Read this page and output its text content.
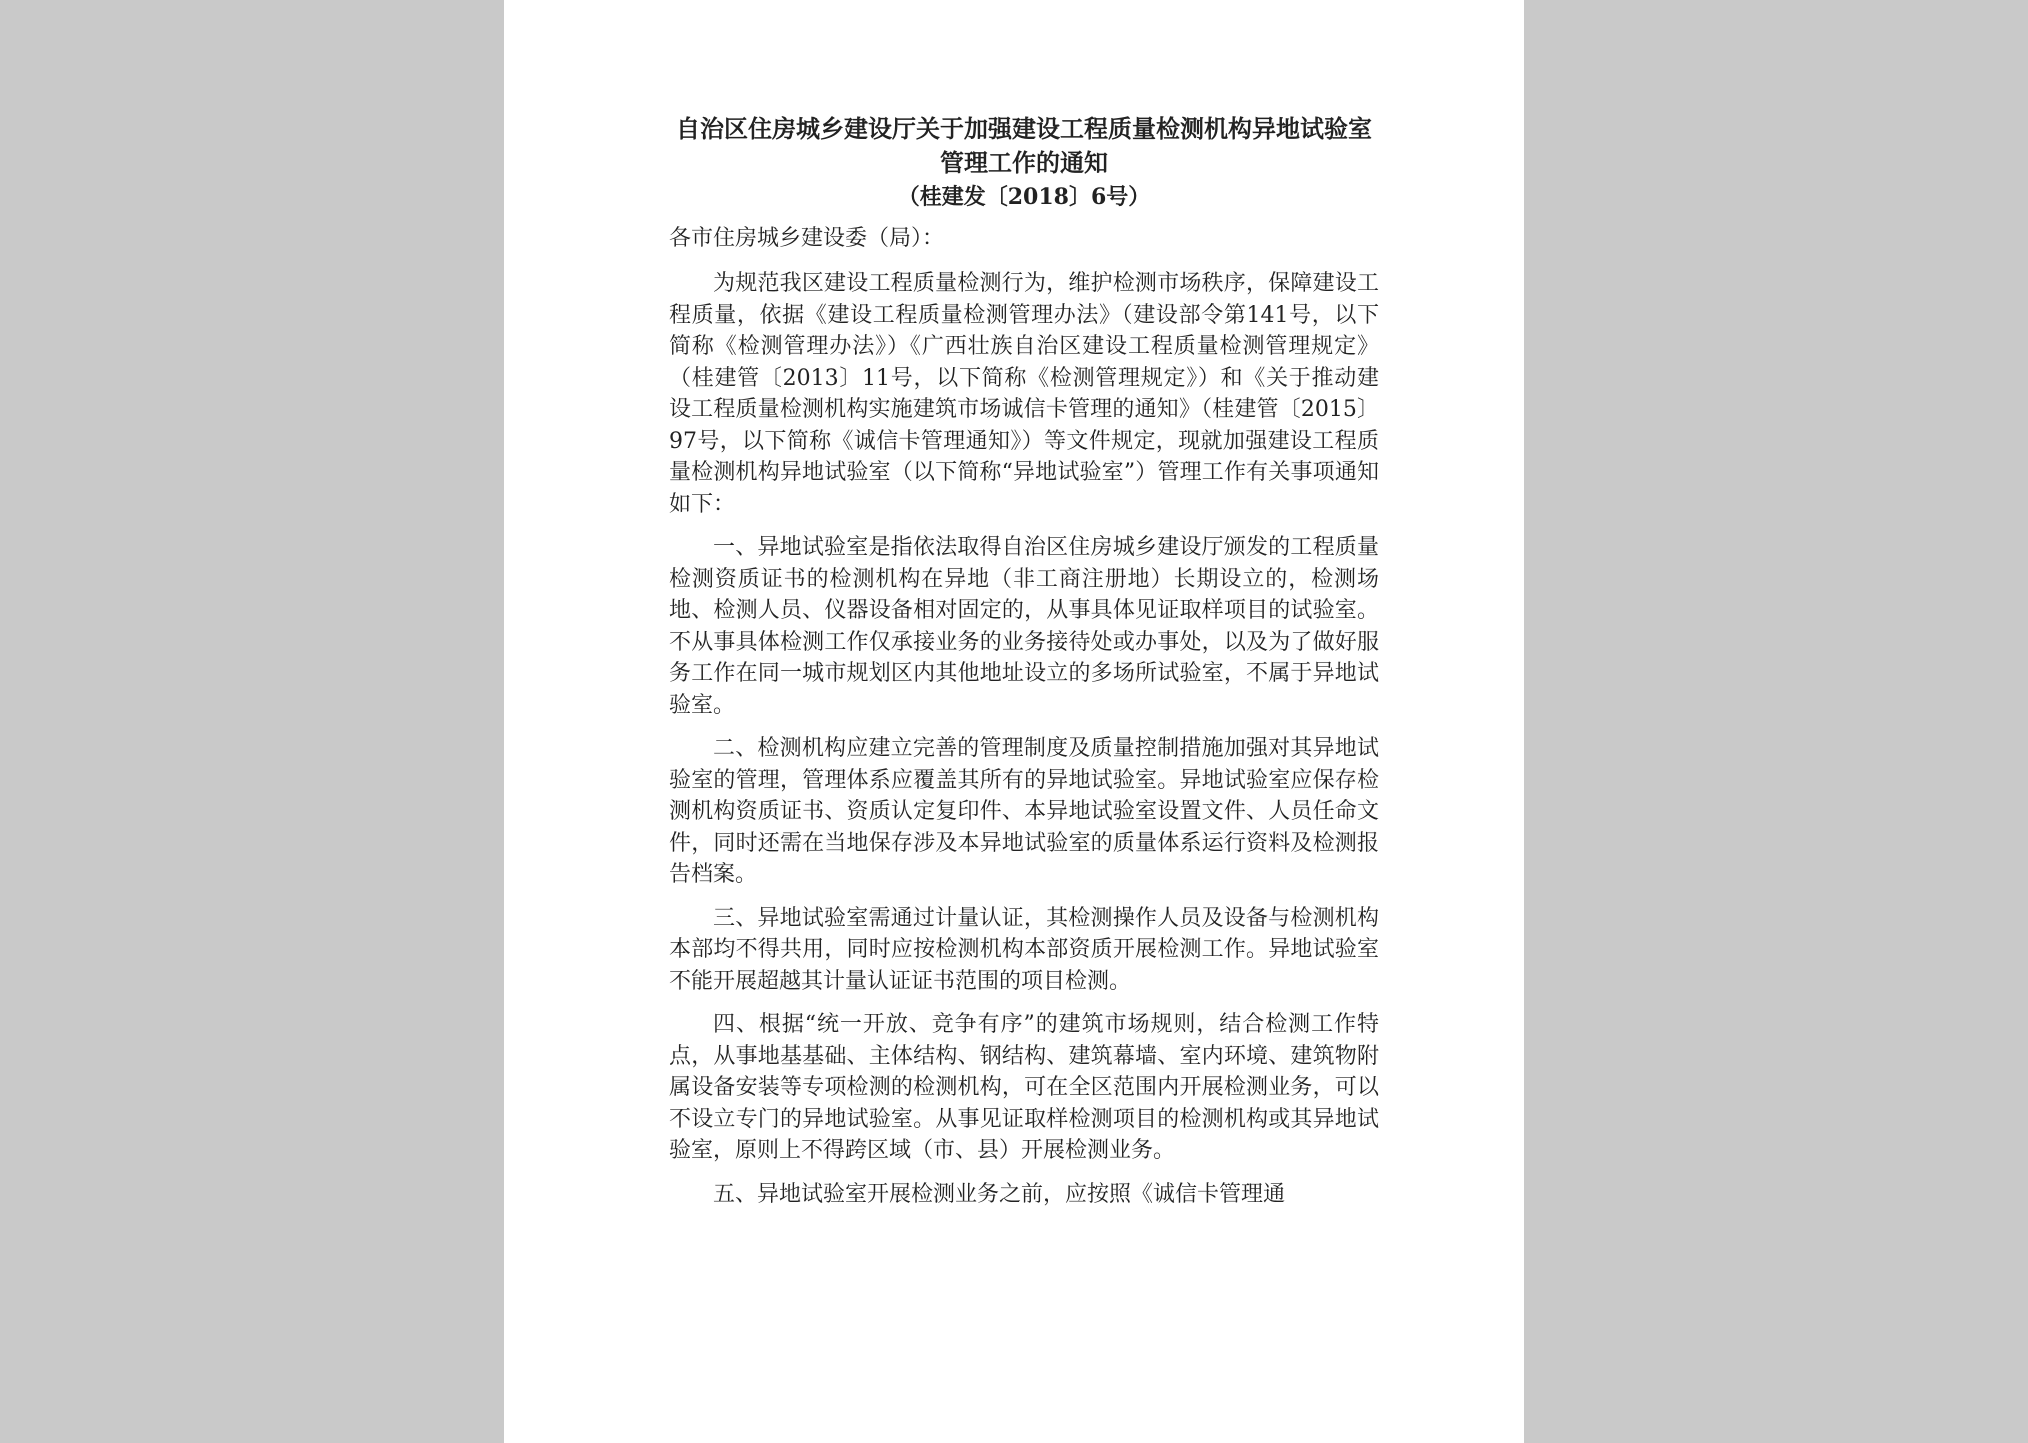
自治区住房城乡建设厅关于加强建设工程质量检测机构异地试验室
管理工作的通知
（桂建发〔2018〕6号）
各市住房城乡建设委（局）：

为规范我区建设工程质量检测行为，维护检测市场秩序，保障建设工程质量，依据《建设工程质量检测管理办法》（建设部令第141号，以下简称《检测管理办法》）《广西壮族自治区建设工程质量检测管理规定》（桂建管〔2013〕11号，以下简称《检测管理规定》）和《关于推动建设工程质量检测机构实施建筑市场诚信卡管理的通知》（桂建管〔2015〕97号，以下简称《诚信卡管理通知》）等文件规定，现就加强建设工程质量检测机构异地试验室（以下简称“异地试验室”）管理工作有关事项通知如下：

一、异地试验室是指依法取得自治区住房城乡建设厅颁发的工程质量检测资质证书的检测机构在异地（非工商注册地）长期设立的，检测场地、检测人员、仪器设备相对固定的，从事具体见证取样项目的试验室。不从事具体检测工作仅承接业务的业务接待处或办事处，以及为了做好服务工作在同一城市规划区内其他地址设立的多场所试验室，不属于异地试验室。

二、检测机构应建立完善的管理制度及质量控制措施加强对其异地试验室的管理，管理体系应覆盖其所有的异地试验室。异地试验室应保存检测机构资质证书、资质认定复印件、本异地试验室设置文件、人员任命文件，同时还需在当地保存涉及本异地试验室的质量体系运行资料及检测报告档案。

三、异地试验室需通过计量认证，其检测操作人员及设备与检测机构本部均不得共用，同时应按检测机构本部资质开展检测工作。异地试验室不能开展超越其计量认证证书范围的项目检测。

四、根据“统一开放、竞争有序”的建筑市场规则，结合检测工作特点，从事地基基础、主体结构、钢结构、建筑幕墙、室内环境、建筑物附属设备安装等专项检测的检测机构，可在全区范围内开展检测业务，可以不设立专门的异地试验室。从事见证取样检测项目的检测机构或其异地试验室，原则上不得跨区域（市、县）开展检测业务。

五、异地试验室开展检测业务之前，应按照《诚信卡管理通
